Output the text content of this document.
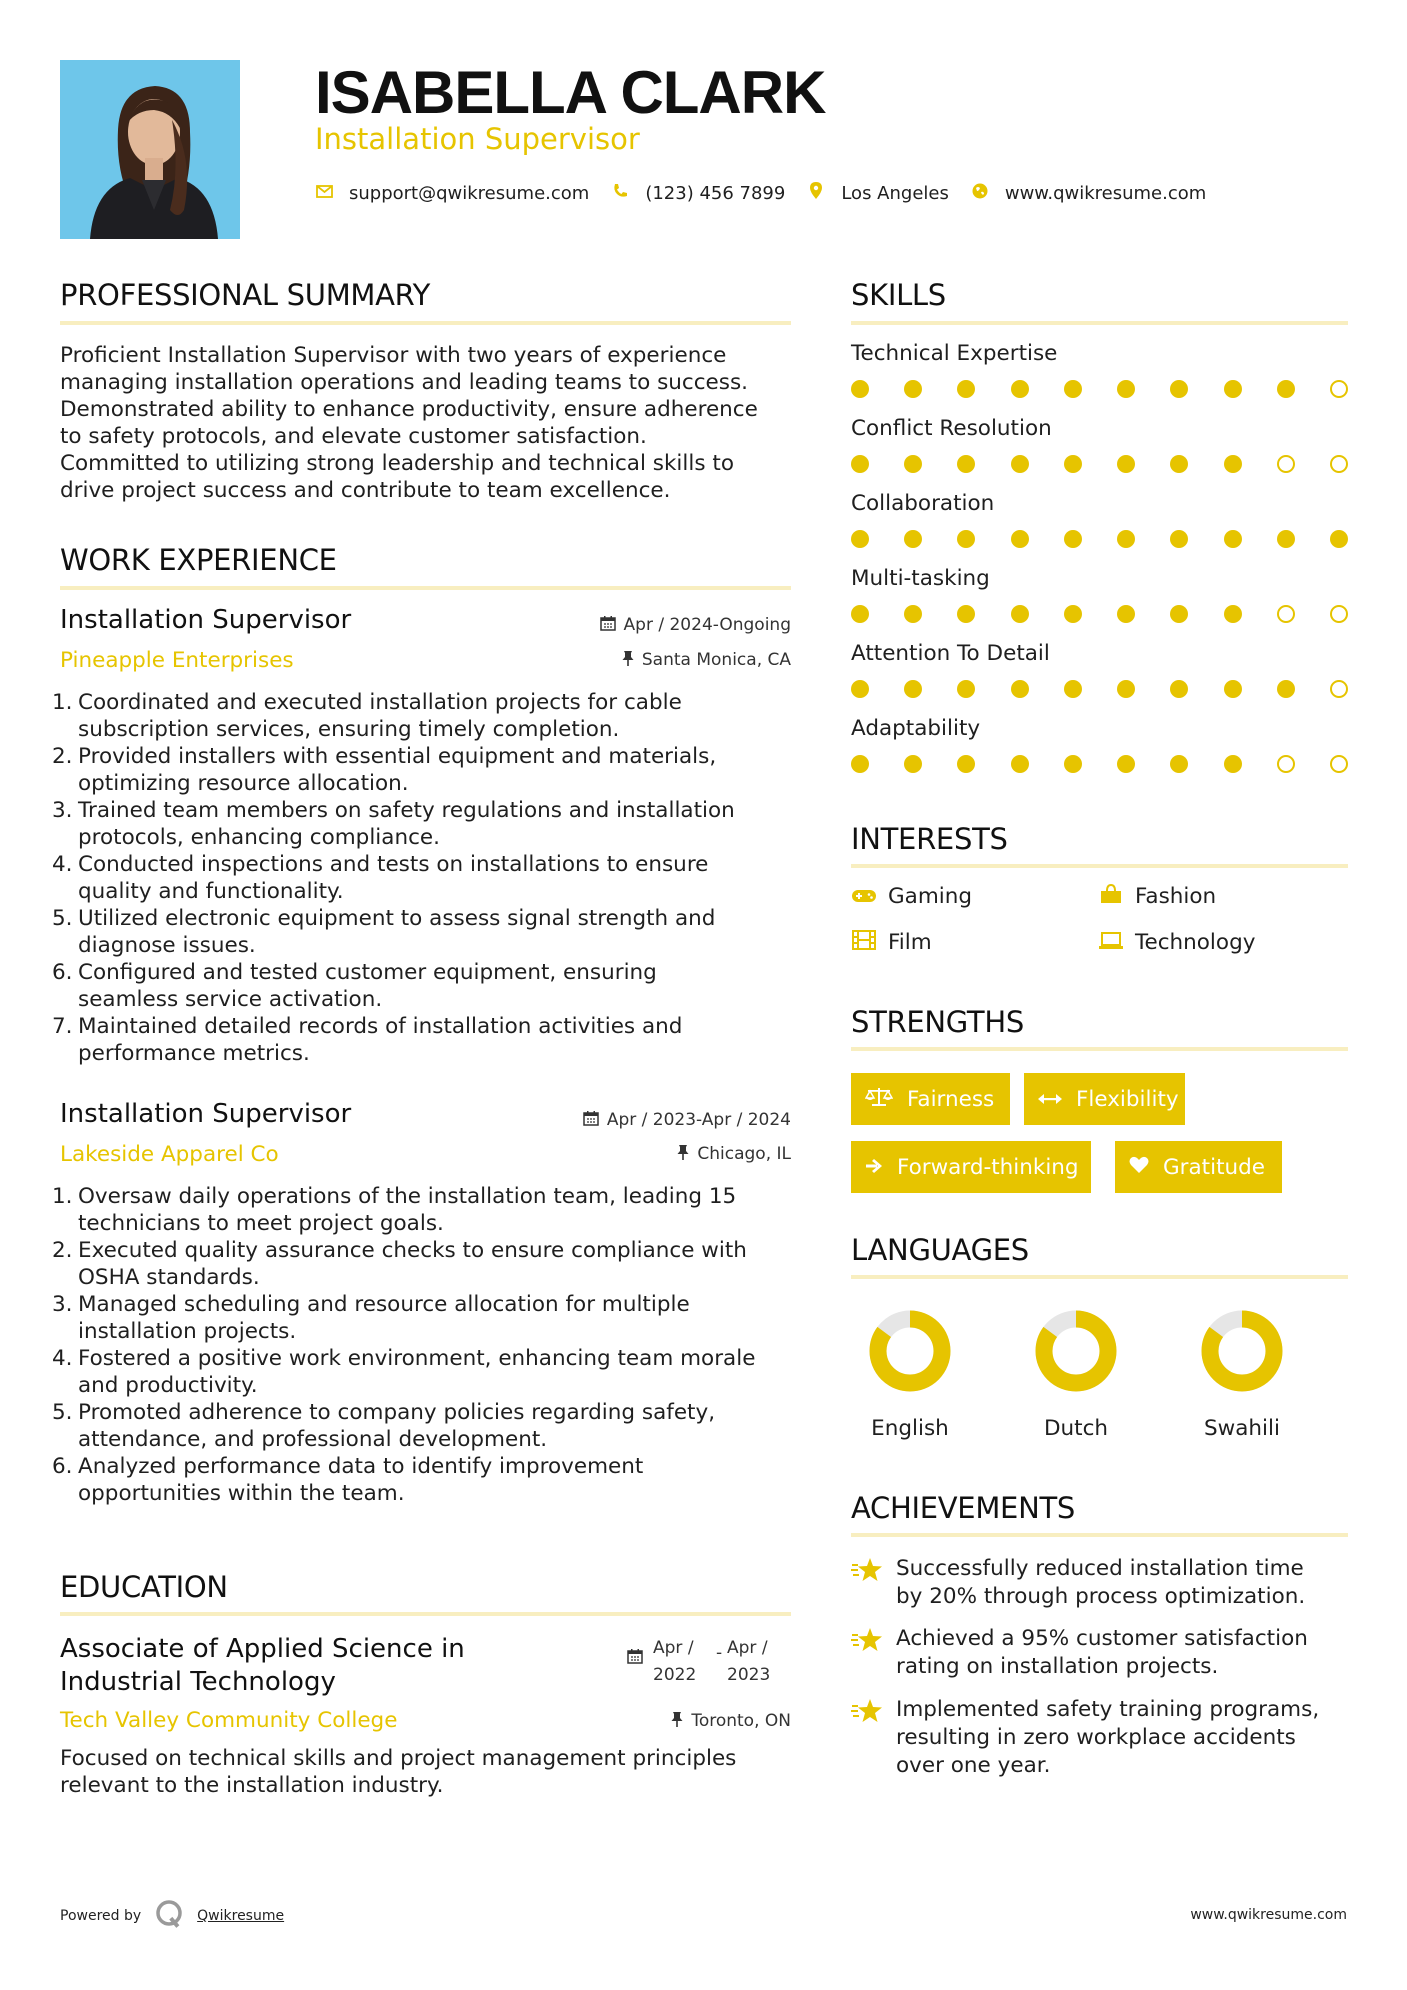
ISABELLA CLARK
Installation Supervisor
support@qwikresume.com	(123) 456 7899	Los Angeles	www.qwikresume.com
PROFESSIONAL SUMMARY
Proficient Installation Supervisor with two years of experience
managing installation operations and leading teams to success.
Demonstrated ability to enhance productivity, ensure adherence
to safety protocols, and elevate customer satisfaction.
Committed to utilizing strong leadership and technical skills to
drive project success and contribute to team excellence.
WORK EXPERIENCE
Installation Supervisor	Apr / 2024-Ongoing
Pineapple Enterprises	Santa Monica, CA
1. Coordinated and executed installation projects for cable
subscription services, ensuring timely completion.
2. Provided installers with essential equipment and materials,
optimizing resource allocation.
3. Trained team members on safety regulations and installation
protocols, enhancing compliance.
4. Conducted inspections and tests on installations to ensure
quality and functionality.
5. Utilized electronic equipment to assess signal strength and
diagnose issues.
6. Configured and tested customer equipment, ensuring
seamless service activation.
7. Maintained detailed records of installation activities and
performance metrics.
Installation Supervisor	Apr / 2023-Apr / 2024
Lakeside Apparel Co	Chicago, IL
1. Oversaw daily operations of the installation team, leading 15
technicians to meet project goals.
2. Executed quality assurance checks to ensure compliance with
OSHA standards.
3. Managed scheduling and resource allocation for multiple
installation projects.
4. Fostered a positive work environment, enhancing team morale
and productivity.
5. Promoted adherence to company policies regarding safety,
attendance, and professional development.
6. Analyzed performance data to identify improvement
opportunities within the team.
EDUCATION
Associate of Applied Science in
Industrial Technology
Apr /
2022
- Apr /
2023
Tech Valley Community College	Toronto, ON
Focused on technical skills and project management principles
relevant to the installation industry.
SKILLS
Technical Expertise
Conflict Resolution
Collaboration
Multi-tasking
Attention To Detail
Adaptability
INTERESTS
Gaming	Fashion
Film	Technology
STRENGTHS
Fairness	Flexibility
Forward-thinking	Gratitude
LANGUAGES
English	Dutch	Swahili
ACHIEVEMENTS
Successfully reduced installation time
by 20% through process optimization.
Achieved a 95% customer satisfaction
rating on installation projects.
Implemented safety training programs,
resulting in zero workplace accidents
over one year.
Powered by	Qwikresume	www.qwikresume.com
